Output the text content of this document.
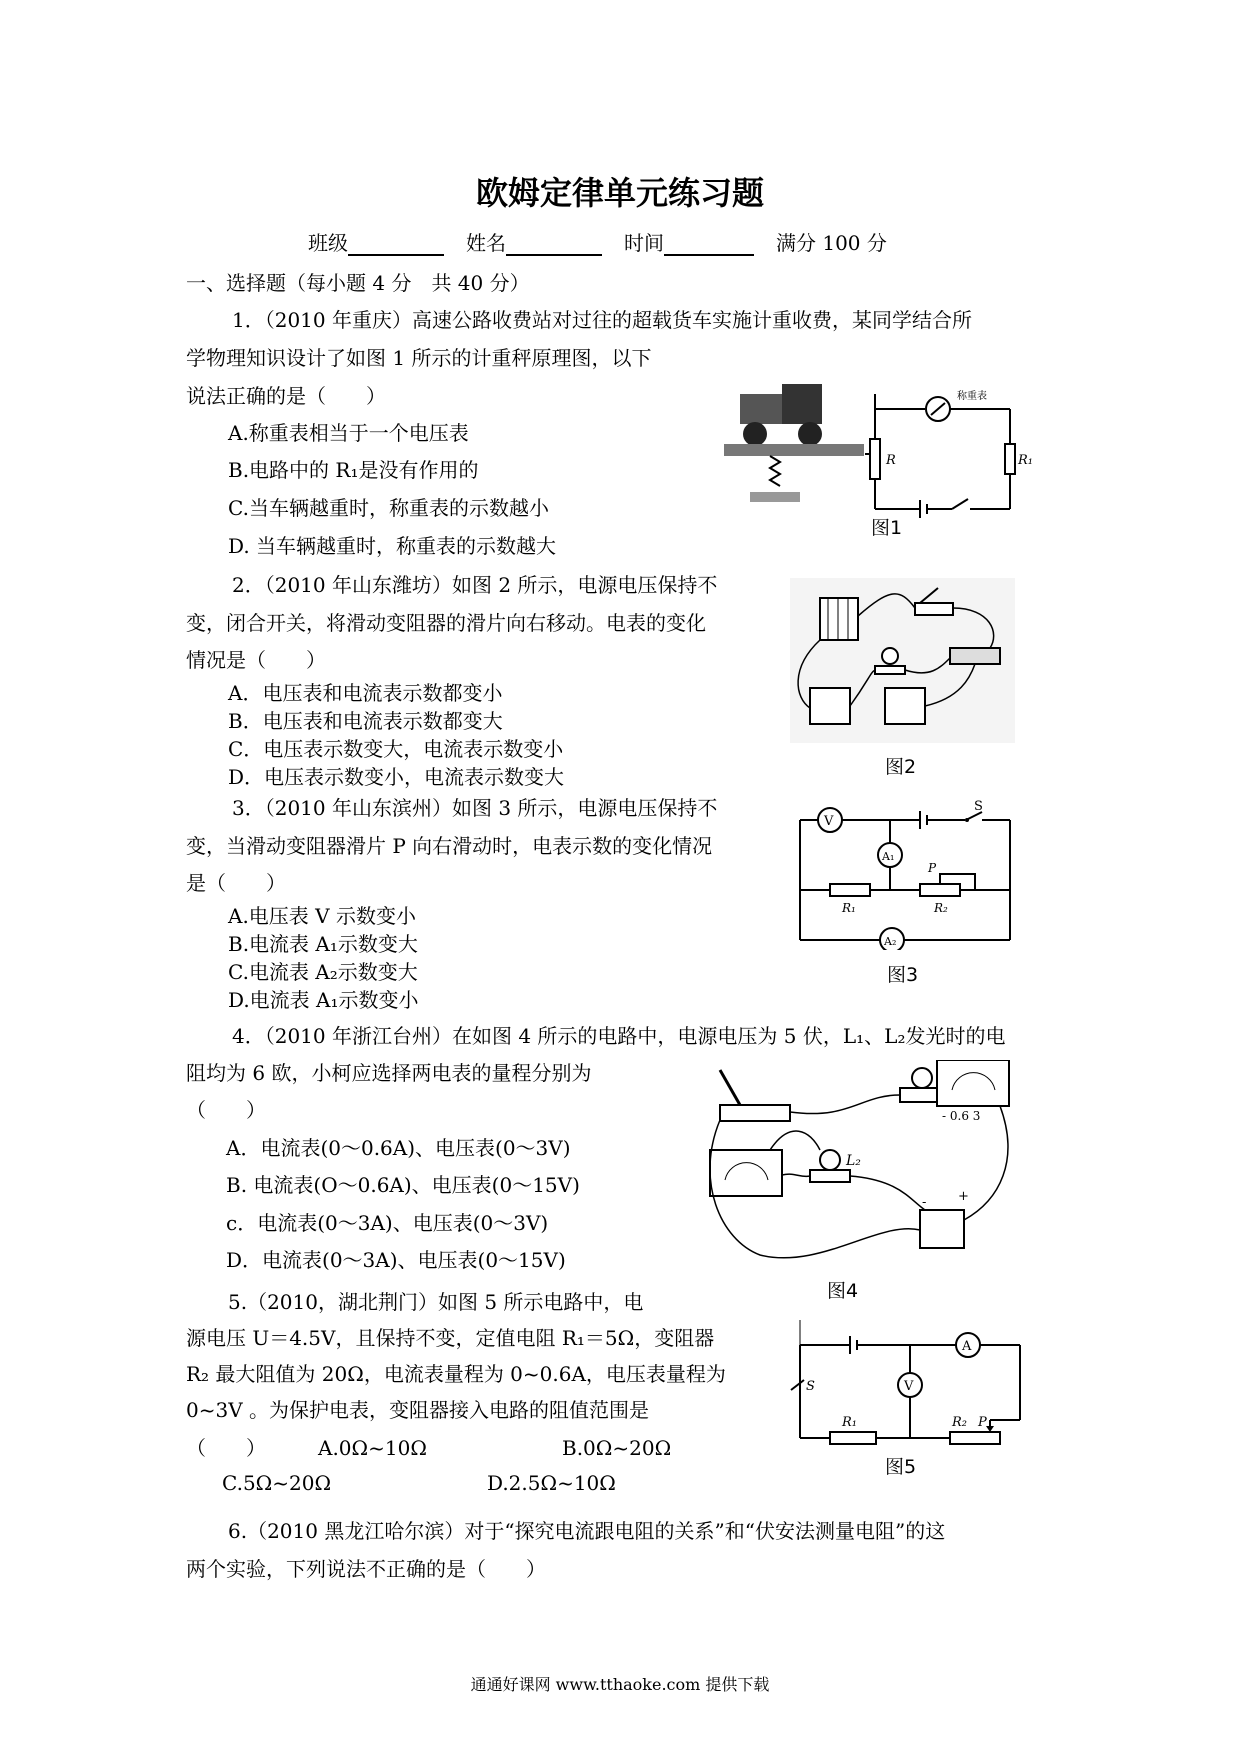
欧姆定律单元练习题
班级	姓名	时间	满分 100 分
一、选择题（每小题 4 分　共 40 分）
1．（2010 年重庆）高速公路收费站对过往的超载货车实施计重收费，某同学结合所
学物理知识设计了如图 1 所示的计重秤原理图，以下
说法正确的是（　　）
A.称重表相当于一个电压表
B.电路中的 R₁是没有作用的
C.当车辆越重时，称重表的示数越小
D. 当车辆越重时，称重表的示数越大
称重表
R	R₁
图1
2．（2010 年山东潍坊）如图 2 所示，电源电压保持不
变，闭合开关，将滑动变阻器的滑片向右移动。电表的变化
情况是（　　）
A．电压表和电流表示数都变小
B．电压表和电流表示数都变大
C．电压表示数变大，电流表示数变小
D．电压表示数变小，电流表示数变大	图2
3．（2010 年山东滨州）如图 3 所示，电源电压保持不
变，当滑动变阻器滑片 P 向右滑动时，电表示数的变化情况
是（　　）
A.电压表 V 示数变小
B.电流表 A₁示数变大
C.电流表 A₂示数变大
D.电流表 A₁示数变小
V
S
A₁
R₁	R₂
P
A₂
图3
4．（2010 年浙江台州）在如图 4 所示的电路中，电源电压为 5 伏，L₁、L₂发光时的电
阻均为 6 欧，小柯应选择两电表的量程分别为
（　　）
A．电流表(0～0.6A)、电压表(0～3V)
B. 电流表(O～0.6A)、电压表(0～15V)
c．电流表(0～3A)、电压表(0～3V)
D．电流表(0～3A)、电压表(0～15V)
- 0.6 3
L₂
- +
图4
5.（2010，湖北荆门）如图 5 所示电路中，电
源电压 U＝4.5V，且保持不变，定值电阻 R₁＝5Ω，变阻器
R₂ 最大阻值为 20Ω，电流表量程为 0~0.6A，电压表量程为
0~3V 。为保护电表，变阻器接入电路的阻值范围是
（　　）	A.0Ω~10Ω	B.0Ω~20Ω
C.5Ω~20Ω	D.2.5Ω~10Ω
A
S
R₁
V
R₂ P
图5
6.（2010 黑龙江哈尔滨）对于“探究电流跟电阻的关系”和“伏安法测量电阻”的这
两个实验，下列说法不正确的是（　　）
通通好课网 www.tthaoke.com 提供下载
